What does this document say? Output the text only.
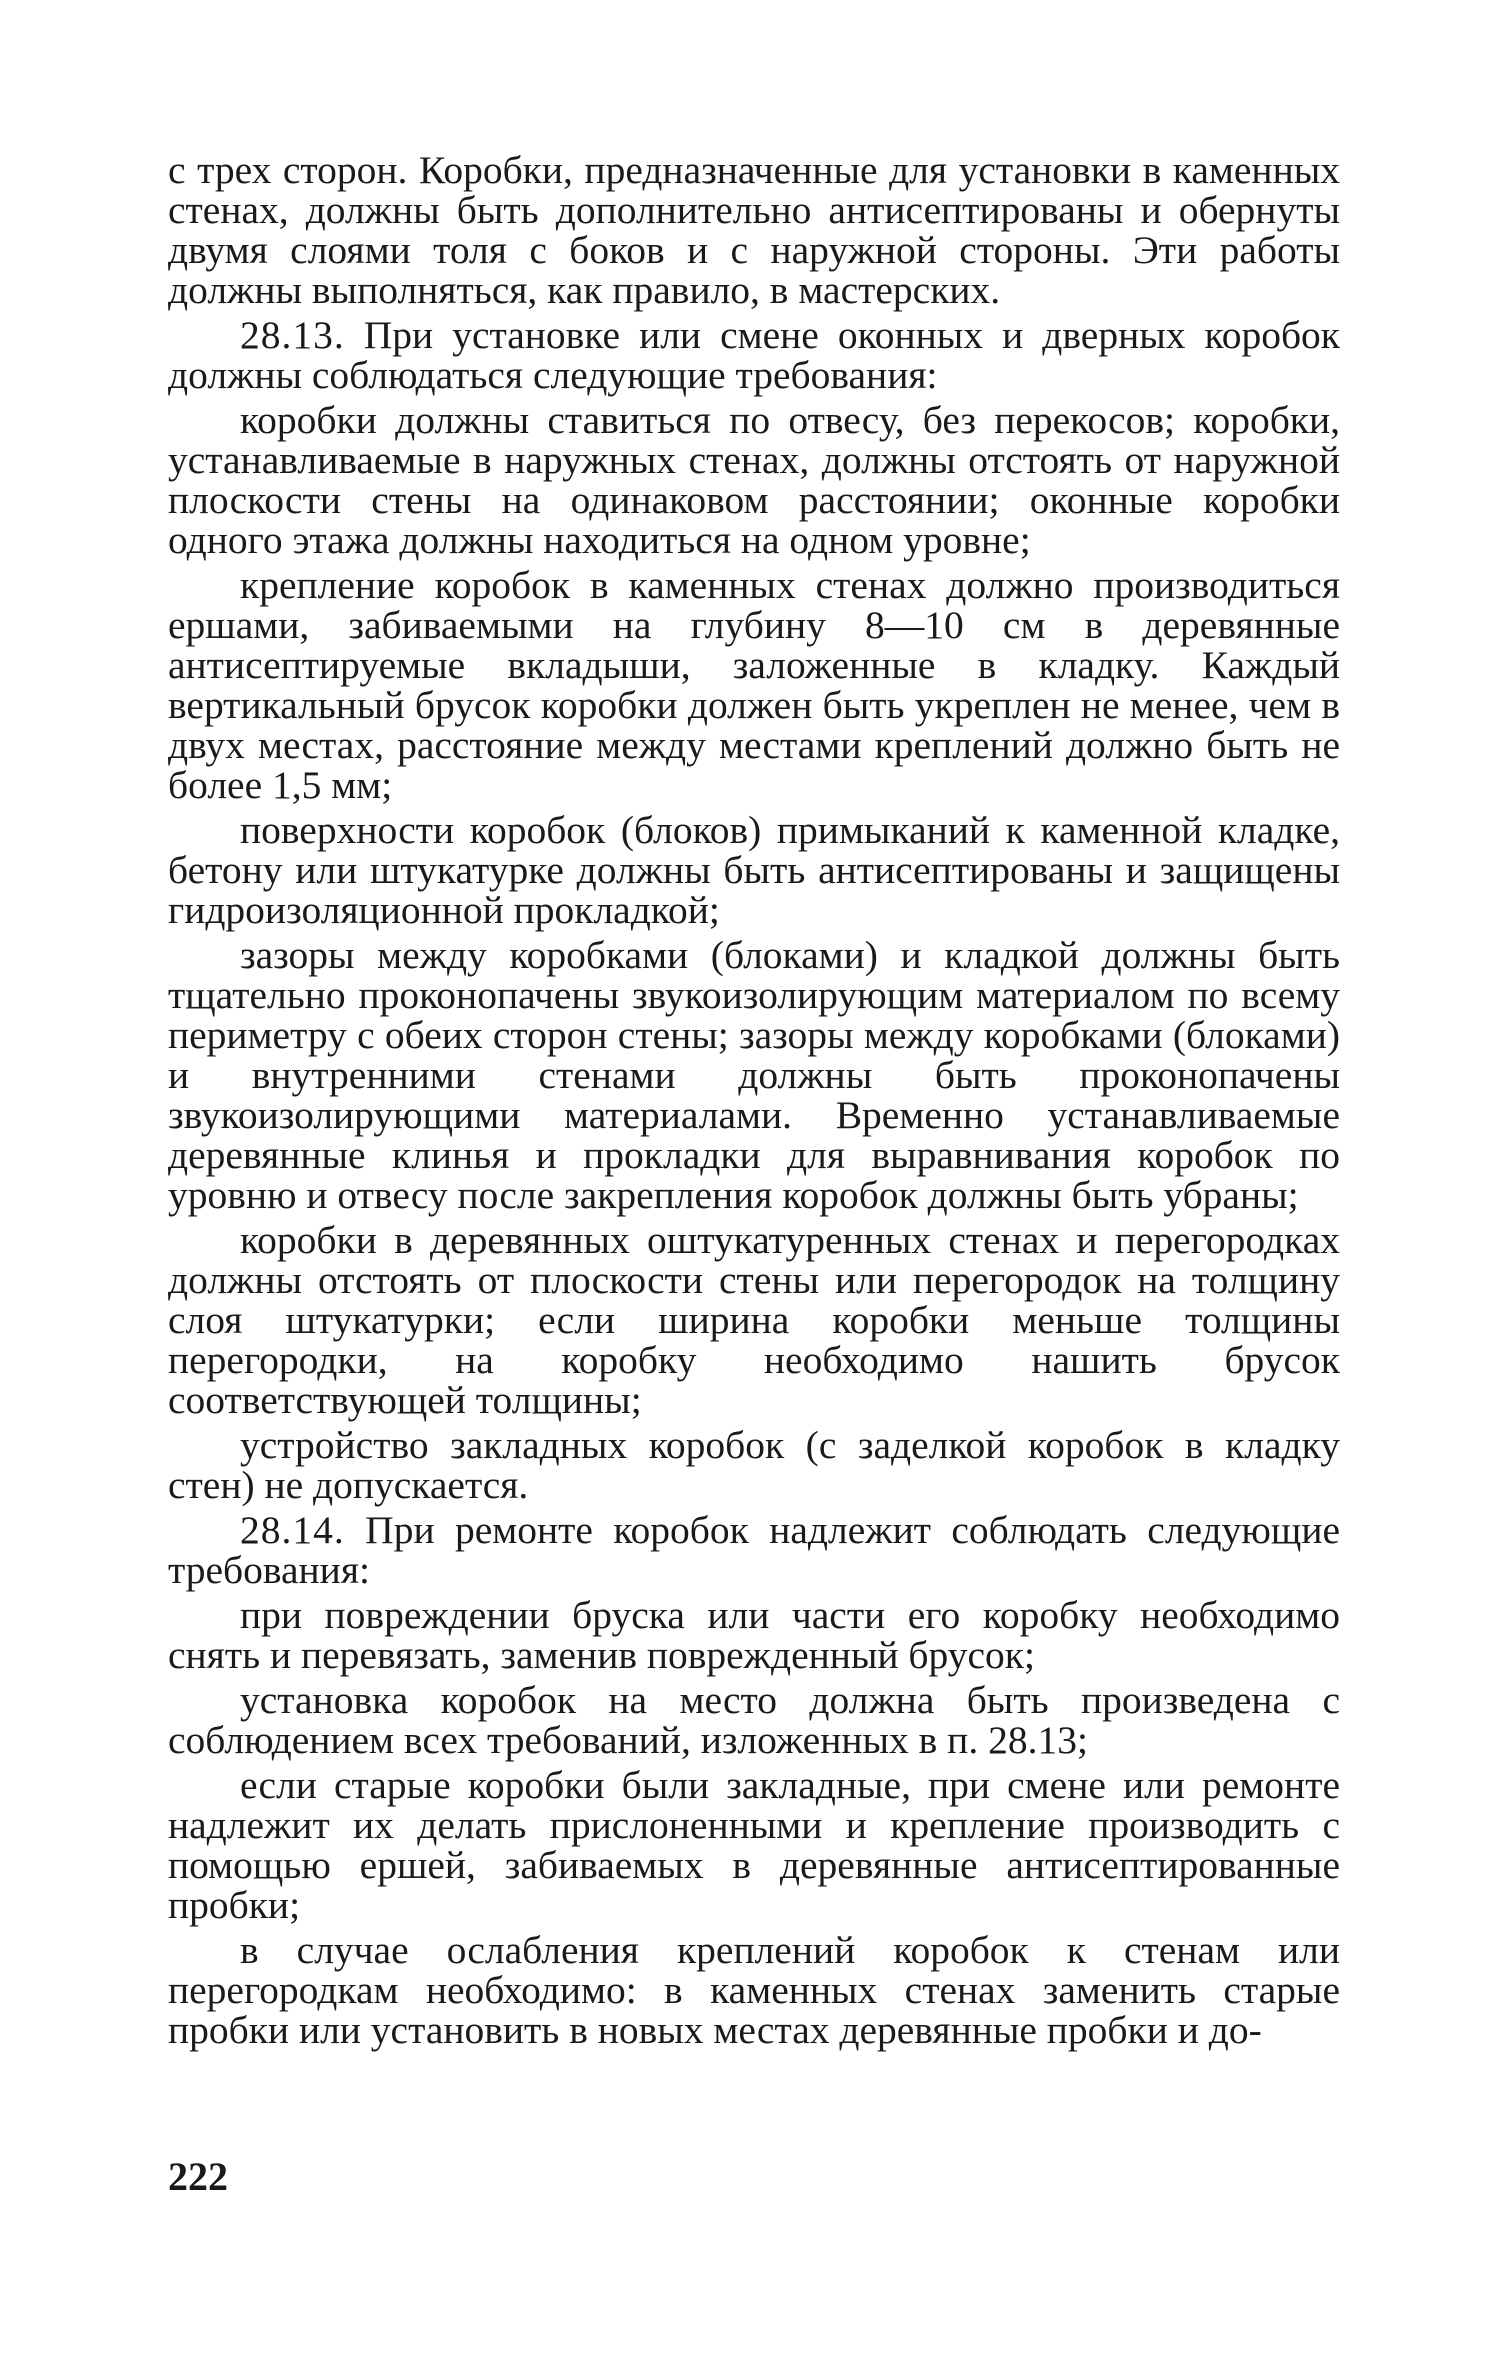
с трех сторон. Коробки, предназначенные для установки в каменных стенах, должны быть дополнительно антисептированы и обернуты двумя слоями толя с боков и с наружной стороны. Эти работы должны выполняться, как правило, в мастерских.

28.13. При установке или смене оконных и дверных коробок должны соблюдаться следующие требования:

коробки должны ставиться по отвесу, без перекосов; коробки, устанавливаемые в наружных стенах, должны отстоять от наружной плоскости стены на одинаковом расстоянии; оконные коробки одного этажа должны находиться на одном уровне;

крепление коробок в каменных стенах должно производиться ершами, забиваемыми на глубину 8—10 см в деревянные антисептируемые вкладыши, заложенные в кладку. Каждый вертикальный брусок коробки должен быть укреплен не менее, чем в двух местах, расстояние между местами креплений должно быть не более 1,5 мм;

поверхности коробок (блоков) примыканий к каменной кладке, бетону или штукатурке должны быть антисептированы и защищены гидроизоляционной прокладкой;

зазоры между коробками (блоками) и кладкой должны быть тщательно проконопачены звукоизолирующим материалом по всему периметру с обеих сторон стены; зазоры между коробками (блоками) и внутренними стенами должны быть проконопачены звукоизолирующими материалами. Временно устанавливаемые деревянные клинья и прокладки для выравнивания коробок по уровню и отвесу после закрепления коробок должны быть убраны;

коробки в деревянных оштукатуренных стенах и перегородках должны отстоять от плоскости стены или перегородок на толщину слоя штукатурки; если ширина коробки меньше толщины перегородки, на коробку необходимо нашить брусок соответствующей толщины;

устройство закладных коробок (с заделкой коробок в кладку стен) не допускается.

28.14. При ремонте коробок надлежит соблюдать следующие требования:

при повреждении бруска или части его коробку необходимо снять и перевязать, заменив поврежденный брусок;

установка коробок на место должна быть произведена с соблюдением всех требований, изложенных в п. 28.13;

если старые коробки были закладные, при смене или ремонте надлежит их делать прислоненными и крепление производить с помощью ершей, забиваемых в деревянные антисептированные пробки;

в случае ослабления креплений коробок к стенам или перегородкам необходимо: в каменных стенах заменить старые пробки или установить в новых местах деревянные пробки и до-

222
